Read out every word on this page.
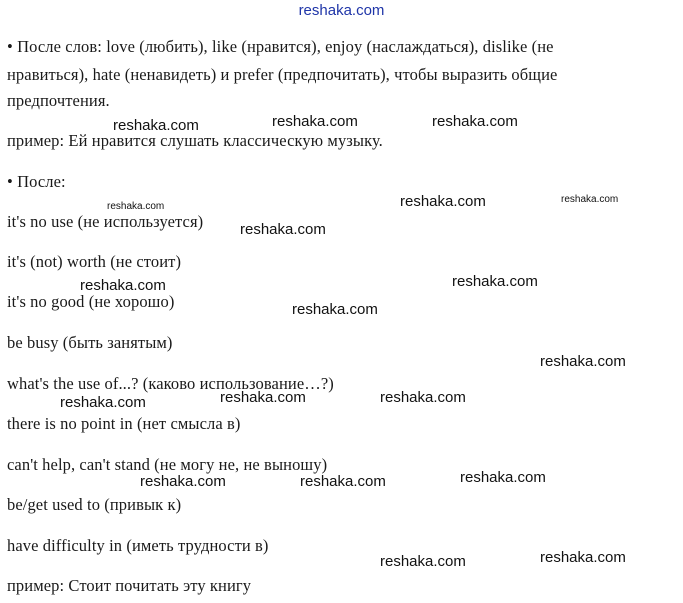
reshaka.com
• После слов: love (любить), like (нравится), enjoy (наслаждаться), dislike (не
нравиться), hate (ненавидеть) и prefer (предпочитать), чтобы выразить общие
предпочтения.
пример: Ей нравится слушать классическую музыку.
• После:
it's no use (не используется)
it's (not) worth (не стоит)
it's no good (не хорошо)
be busy (быть занятым)
what's the use of...? (каково использование…?)
there is no point in (нет смысла в)
can't help, can't stand (не могу не, не выношу)
be/get used to (привык к)
have difficulty in (иметь трудности в)
пример: Стоит почитать эту книгу
reshaka.com	reshaka.com	reshaka.com
reshaka.com	reshaka.com	reshaka.com
reshaka.com
reshaka.com	reshaka.com
reshaka.com
reshaka.com
reshaka.com	reshaka.com	reshaka.com
reshaka.com
reshaka.com	reshaka.com
reshaka.com
reshaka.com
